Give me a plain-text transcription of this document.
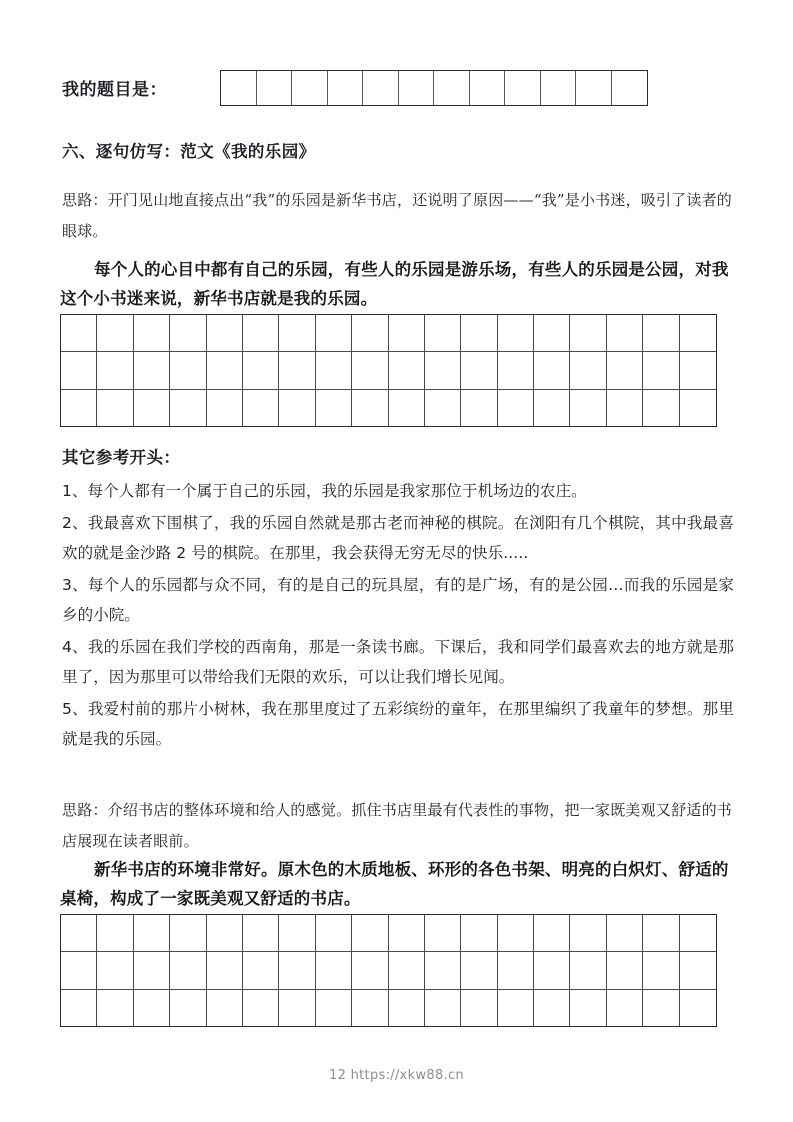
我的题目是：
六、逐句仿写：范文《我的乐园》
思路：开门见山地直接点出“我”的乐园是新华书店，还说明了原因——“我”是小书迷，吸引了读者的眼球。
每个人的心目中都有自己的乐园，有些人的乐园是游乐场，有些人的乐园是公园，对我这个小书迷来说，新华书店就是我的乐园。
其它参考开头：
1、每个人都有一个属于自己的乐园，我的乐园是我家那位于机场边的农庄。
2、我最喜欢下围棋了，我的乐园自然就是那古老而神秘的棋院。在浏阳有几个棋院，其中我最喜欢的就是金沙路 2 号的棋院。在那里，我会获得无穷无尽的快乐.....
3、每个人的乐园都与众不同，有的是自己的玩具屋，有的是广场，有的是公园…而我的乐园是家乡的小院。
4、我的乐园在我们学校的西南角，那是一条读书廊。下课后，我和同学们最喜欢去的地方就是那里了，因为那里可以带给我们无限的欢乐，可以让我们增长见闻。
5、我爱村前的那片小树林，我在那里度过了五彩缤纷的童年，在那里编织了我童年的梦想。那里就是我的乐园。
思路：介绍书店的整体环境和给人的感觉。抓住书店里最有代表性的事物，把一家既美观又舒适的书店展现在读者眼前。
新华书店的环境非常好。原木色的木质地板、环形的各色书架、明亮的白炽灯、舒适的桌椅，构成了一家既美观又舒适的书店。
12 https://xkw88.cn
